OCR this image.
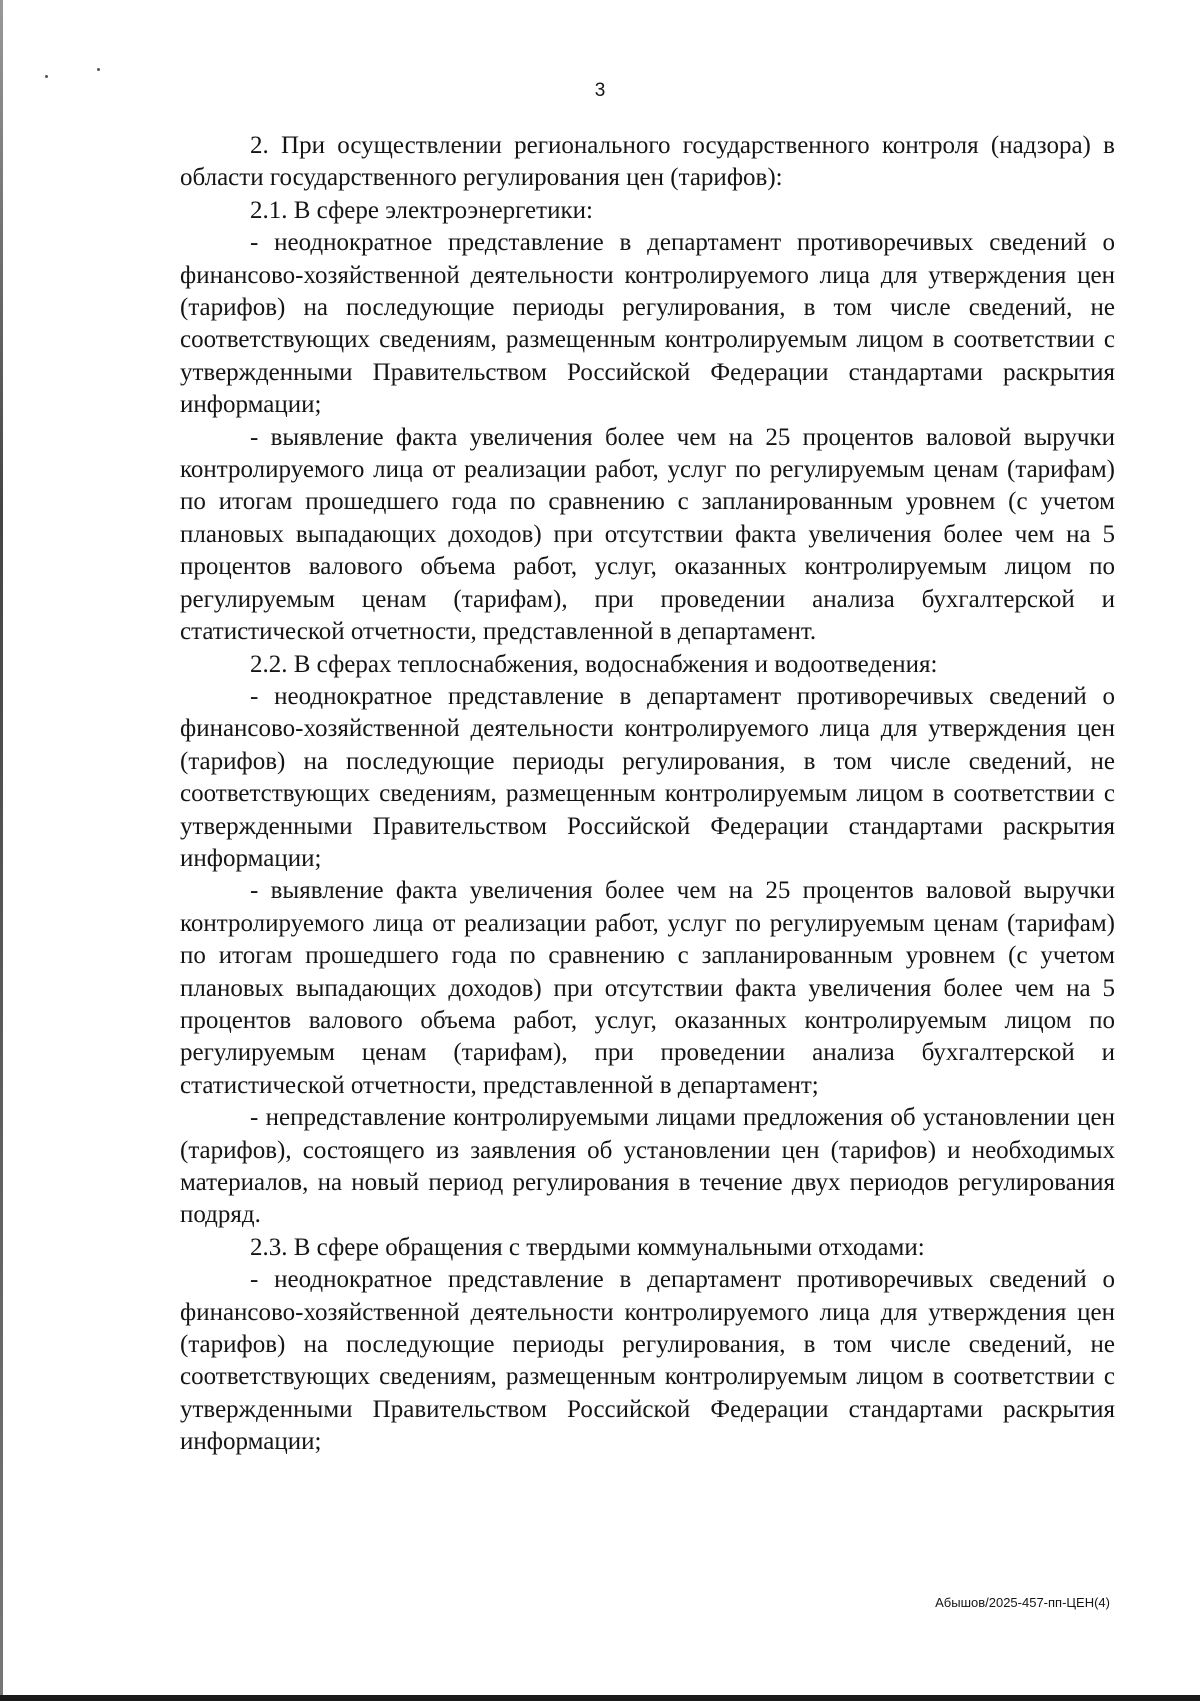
3

2. При осуществлении регионального государственного контроля (надзора) в области государственного регулирования цен (тарифов):

2.1. В сфере электроэнергетики:

- неоднократное представление в департамент противоречивых сведений о финансово-хозяйственной деятельности контролируемого лица для утверждения цен (тарифов) на последующие периоды регулирования, в том числе сведений, не соответствующих сведениям, размещенным контролируемым лицом в соответствии с утвержденными Правительством Российской Федерации стандартами раскрытия информации;

- выявление факта увеличения более чем на 25 процентов валовой выручки контролируемого лица от реализации работ, услуг по регулируемым ценам (тарифам) по итогам прошедшего года по сравнению с запланированным уровнем (с учетом плановых выпадающих доходов) при отсутствии факта увеличения более чем на 5 процентов валового объема работ, услуг, оказанных контролируемым лицом по регулируемым ценам (тарифам), при проведении анализа бухгалтерской и статистической отчетности, представленной в департамент.

2.2. В сферах теплоснабжения, водоснабжения и водоотведения:

- неоднократное представление в департамент противоречивых сведений о финансово-хозяйственной деятельности контролируемого лица для утверждения цен (тарифов) на последующие периоды регулирования, в том числе сведений, не соответствующих сведениям, размещенным контролируемым лицом в соответствии с утвержденными Правительством Российской Федерации стандартами раскрытия информации;

- выявление факта увеличения более чем на 25 процентов валовой выручки контролируемого лица от реализации работ, услуг по регулируемым ценам (тарифам) по итогам прошедшего года по сравнению с запланированным уровнем (с учетом плановых выпадающих доходов) при отсутствии факта увеличения более чем на 5 процентов валового объема работ, услуг, оказанных контролируемым лицом по регулируемым ценам (тарифам), при проведении анализа бухгалтерской и статистической отчетности, представленной в департамент;

- непредставление контролируемыми лицами предложения об установлении цен (тарифов), состоящего из заявления об установлении цен (тарифов) и необходимых материалов, на новый период регулирования в течение двух периодов регулирования подряд.

2.3. В сфере обращения с твердыми коммунальными отходами:

- неоднократное представление в департамент противоречивых сведений о финансово-хозяйственной деятельности контролируемого лица для утверждения цен (тарифов) на последующие периоды регулирования, в том числе сведений, не соответствующих сведениям, размещенным контролируемым лицом в соответствии с утвержденными Правительством Российской Федерации стандартами раскрытия информации;

Абышов/2025-457-пп-ЦЕН(4)
